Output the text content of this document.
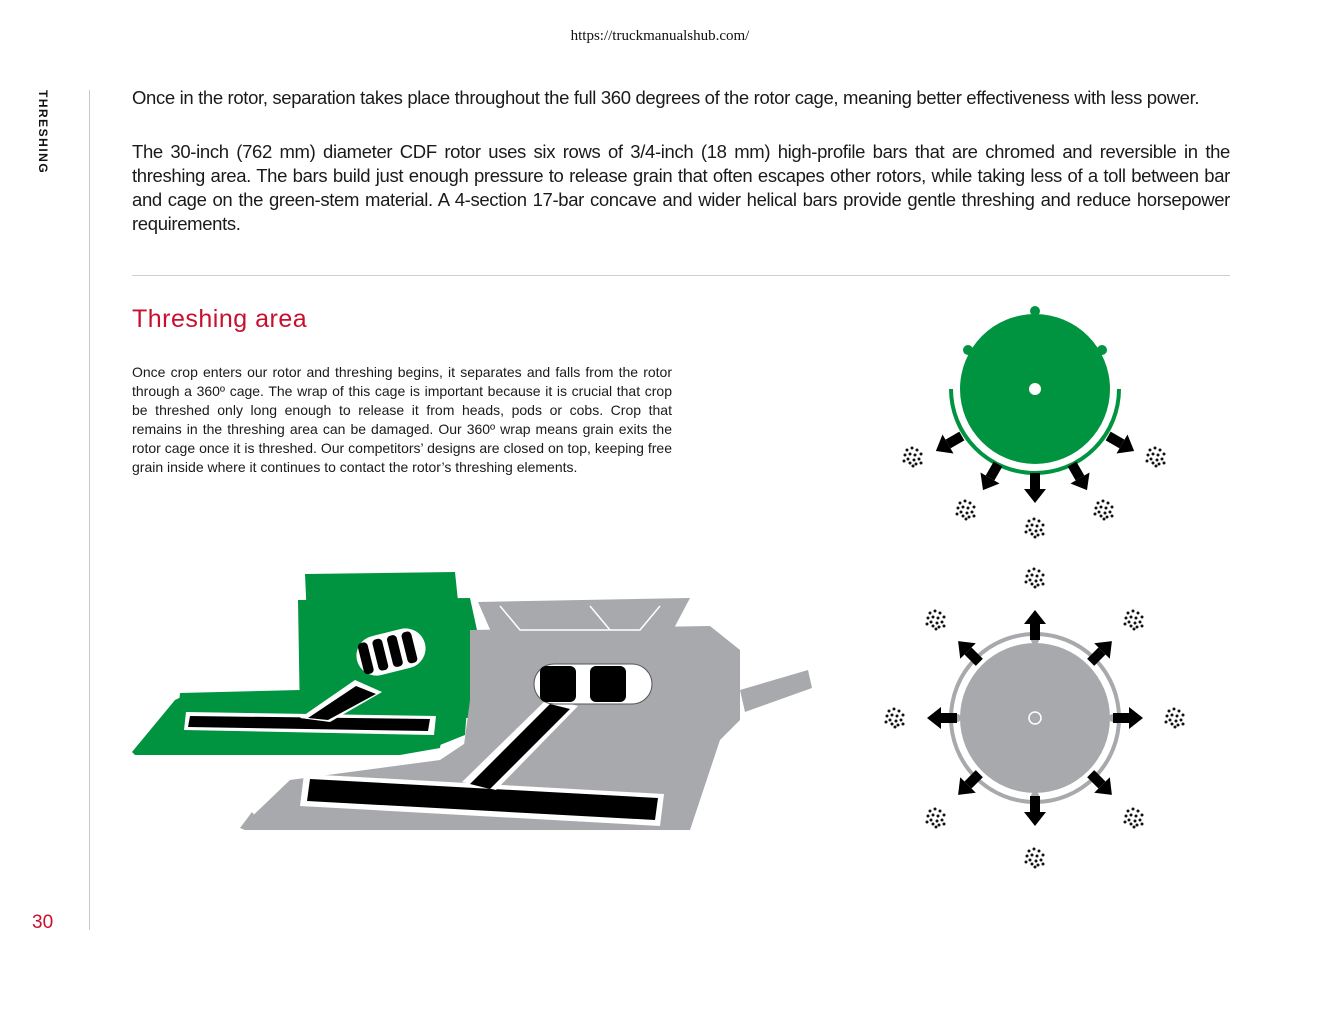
https://truckmanualshub.com/
THRESHING
30

Once in the rotor, separation takes place throughout the full 360 degrees of the rotor cage, meaning better effectiveness with less power.

The 30-inch (762 mm) diameter CDF rotor uses six rows of 3/4-inch (18 mm) high-profile bars that are chromed and reversible in the threshing area. The bars build just enough pressure to release grain that often escapes other rotors, while taking less of a toll between bar and cage on the green-stem material. A 4-section 17-bar concave and wider helical bars provide gentle threshing and reduce horsepower requirements.

Threshing area

Once crop enters our rotor and threshing begins, it separates and falls from the rotor through a 360º cage. The wrap of this cage is important because it is crucial that crop be threshed only long enough to release it from heads, pods or cobs. Crop that remains in the threshing area can be damaged. Our 360º wrap means grain exits the rotor cage once it is threshed. Our competitors’ designs are closed on top, keeping free grain inside where it continues to contact the rotor’s threshing elements.
